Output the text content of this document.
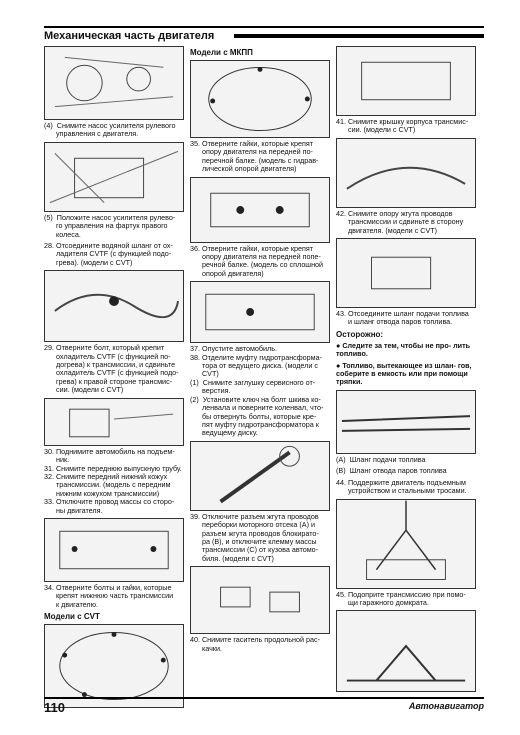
Механическая часть двигателя
(4)  Снимите насос усилителя рулевого
управления с двигателя.
(5)  Положите насос усилителя рулево-
го управления на фартук правого
колеса.
28. Отсоедините водяной шланг от ох-
ладителя CVTF (с функцией подо-
грева). (модели с CVT)
29. Отверните болт, который крепит
охладитель CVTF (с функцией по-
догрева) к трансмиссии, и сдвиньте
охладитель CVTF (с функцией подо-
грева) к правой стороне трансмис-
сии. (модели с CVT)
30. Поднимите автомобиль на подъем-
ник.
31. Снимите переднюю выпускную трубу.
32. Снимите передний нижний кожух
трансмиссии. (модель с передним
нижним кожухом трансмиссии)
33. Отключите провод массы со сторо-
ны двигателя.
34. Отверните болты и гайки, которые
крепят нижнюю часть трансмиссии
к двигателю.
Модели с CVT
Модели с МКПП
35. Отверните гайки, которые крепят
опору двигателя на передней по-
перечной балке. (модель с гидрав-
лической опорой двигателя)
36. Отверните гайки, которые крепят
опору двигателя на передней попе-
речной балке. (модель со сплошной
опорой двигателя)
37. Опустите автомобиль.
38. Отделите муфту гидротрансформа-
тора от ведущего диска. (модели с
CVT)
(1)  Снимите заглушку сервисного от-
верстия.
(2)  Установите ключ на болт шкива ко-
ленвала и поверните коленвал, что-
бы отвернуть болты, которые кре-
пят муфту гидротрансформатора к
ведущему диску.
39. Отключите разъем жгута проводов
переборки моторного отсека (A) и
разъем жгута проводов блокирато-
ра (B), и отключите клемму массы
трансмиссии (C) от кузова автомо-
биля. (модели с CVT)
40. Снимите гаситель продольной рас-
качки.
41. Снимите крышку корпуса трансмис-
сии. (модели с CVT)
42. Снимите опору жгута проводов
трансмиссии и сдвиньте в сторону
двигателя. (модели с CVT)
43. Отсоедините шланг подачи топлива
и шланг отвода паров топлива.
Осторожно:
● Следите за тем, чтобы не про- лить топливо.
● Топливо, вытекающее из шлан- гов, соберите в емкость или при помощи тряпки.
(A)  Шланг подачи топлива
(B)  Шланг отвода паров топлива
44. Поддержите двигатель подъемным
устройством и стальными тросами.
45. Подоприте трансмиссию при помо-
щи гаражного домкрата.
110	Автонавигатор
